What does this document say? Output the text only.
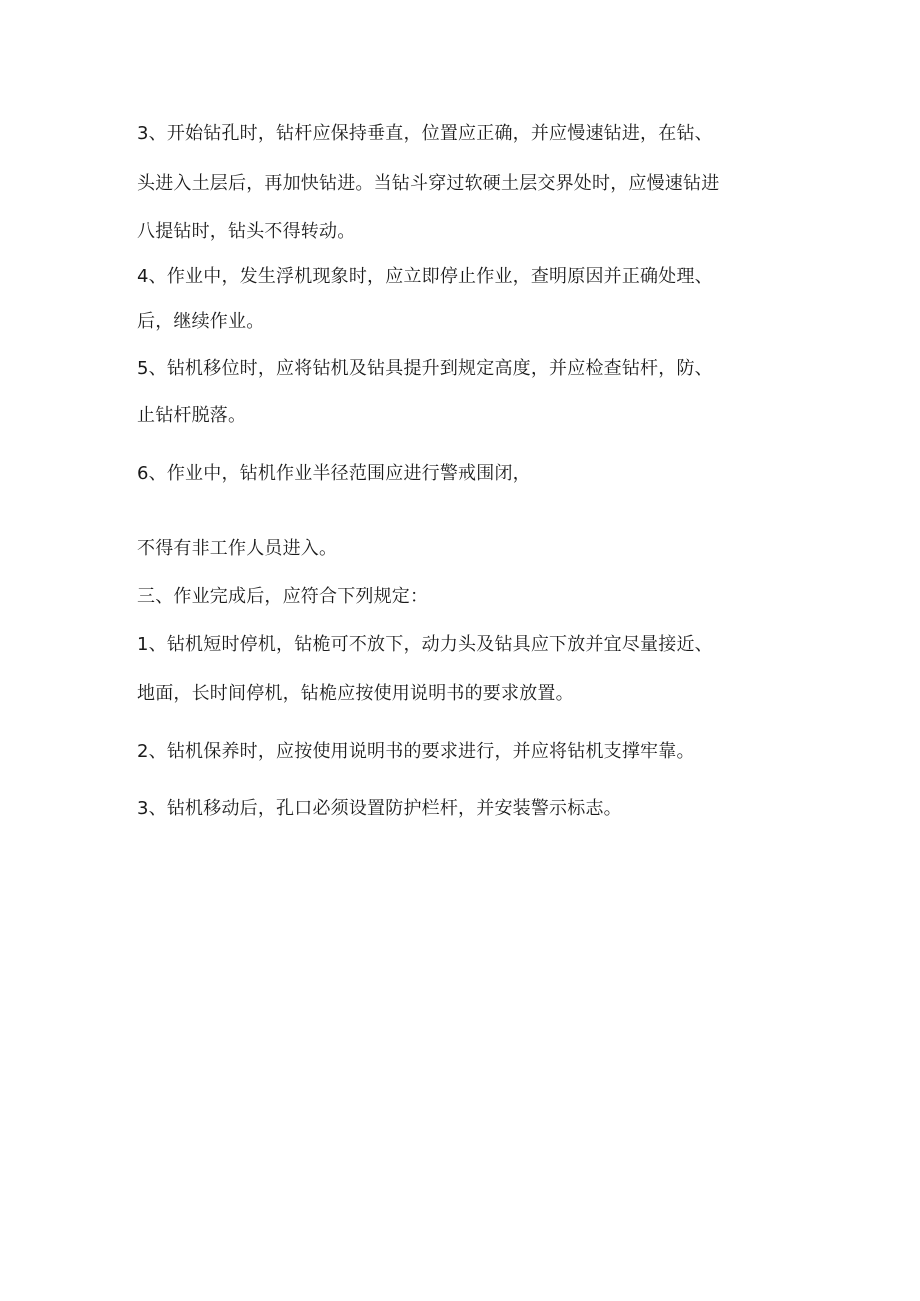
3、开始钻孔时，钻杆应保持垂直，位置应正确，并应慢速钻进，在钻、
头进入土层后，再加快钻进。当钻斗穿过软硬土层交界处时，应慢速钻进
八提钻时，钻头不得转动。
4、作业中，发生浮机现象时，应立即停止作业，查明原因并正确处理、
后，继续作业。
5、钻机移位时，应将钻机及钻具提升到规定高度，并应检查钻杆，防、
止钻杆脱落。
6、作业中，钻机作业半径范围应进行警戒围闭，
不得有非工作人员进入。
三、作业完成后，应符合下列规定：
1、钻机短时停机，钻桅可不放下，动力头及钻具应下放并宜尽量接近、
地面，长时间停机，钻桅应按使用说明书的要求放置。
2、钻机保养时，应按使用说明书的要求进行，并应将钻机支撑牢靠。
3、钻机移动后，孔口必须设置防护栏杆，并安装警示标志。
